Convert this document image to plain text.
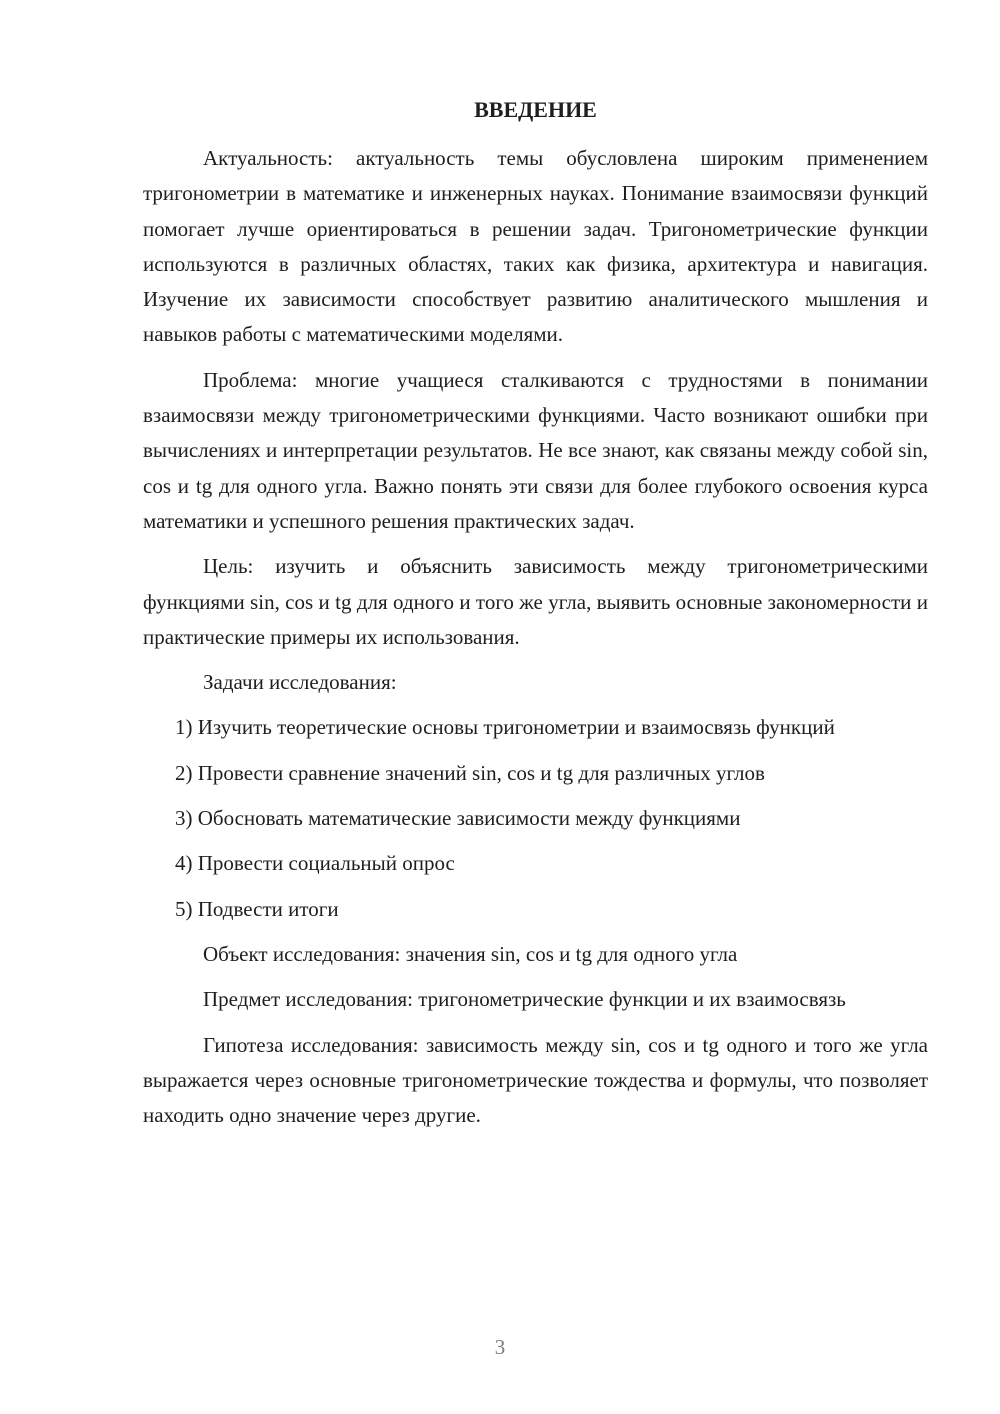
ВВЕДЕНИЕ

Актуальность: актуальность темы обусловлена широким применением тригонометрии в математике и инженерных науках. Понимание взаимосвязи функций помогает лучше ориентироваться в решении задач. Тригонометрические функции используются в различных областях, таких как физика, архитектура и навигация. Изучение их зависимости способствует развитию аналитического мышления и навыков работы с математическими моделями.

Проблема: многие учащиеся сталкиваются с трудностями в понимании взаимосвязи между тригонометрическими функциями. Часто возникают ошибки при вычислениях и интерпретации результатов. Не все знают, как связаны между собой sin, cos и tg для одного угла. Важно понять эти связи для более глубокого освоения курса математики и успешного решения практических задач.

Цель: изучить и объяснить зависимость между тригонометрическими функциями sin, cos и tg для одного и того же угла, выявить основные закономерности и практические примеры их использования.

Задачи исследования:

1) Изучить теоретические основы тригонометрии и взаимосвязь функций

2) Провести сравнение значений sin, cos и tg для различных углов

3) Обосновать математические зависимости между функциями

4) Провести социальный опрос

5) Подвести итоги

Объект исследования: значения sin, cos и tg для одного угла

Предмет исследования: тригонометрические функции и их взаимосвязь

Гипотеза исследования: зависимость между sin, cos и tg одного и того же угла выражается через основные тригонометрические тождества и формулы, что позволяет находить одно значение через другие.

3
